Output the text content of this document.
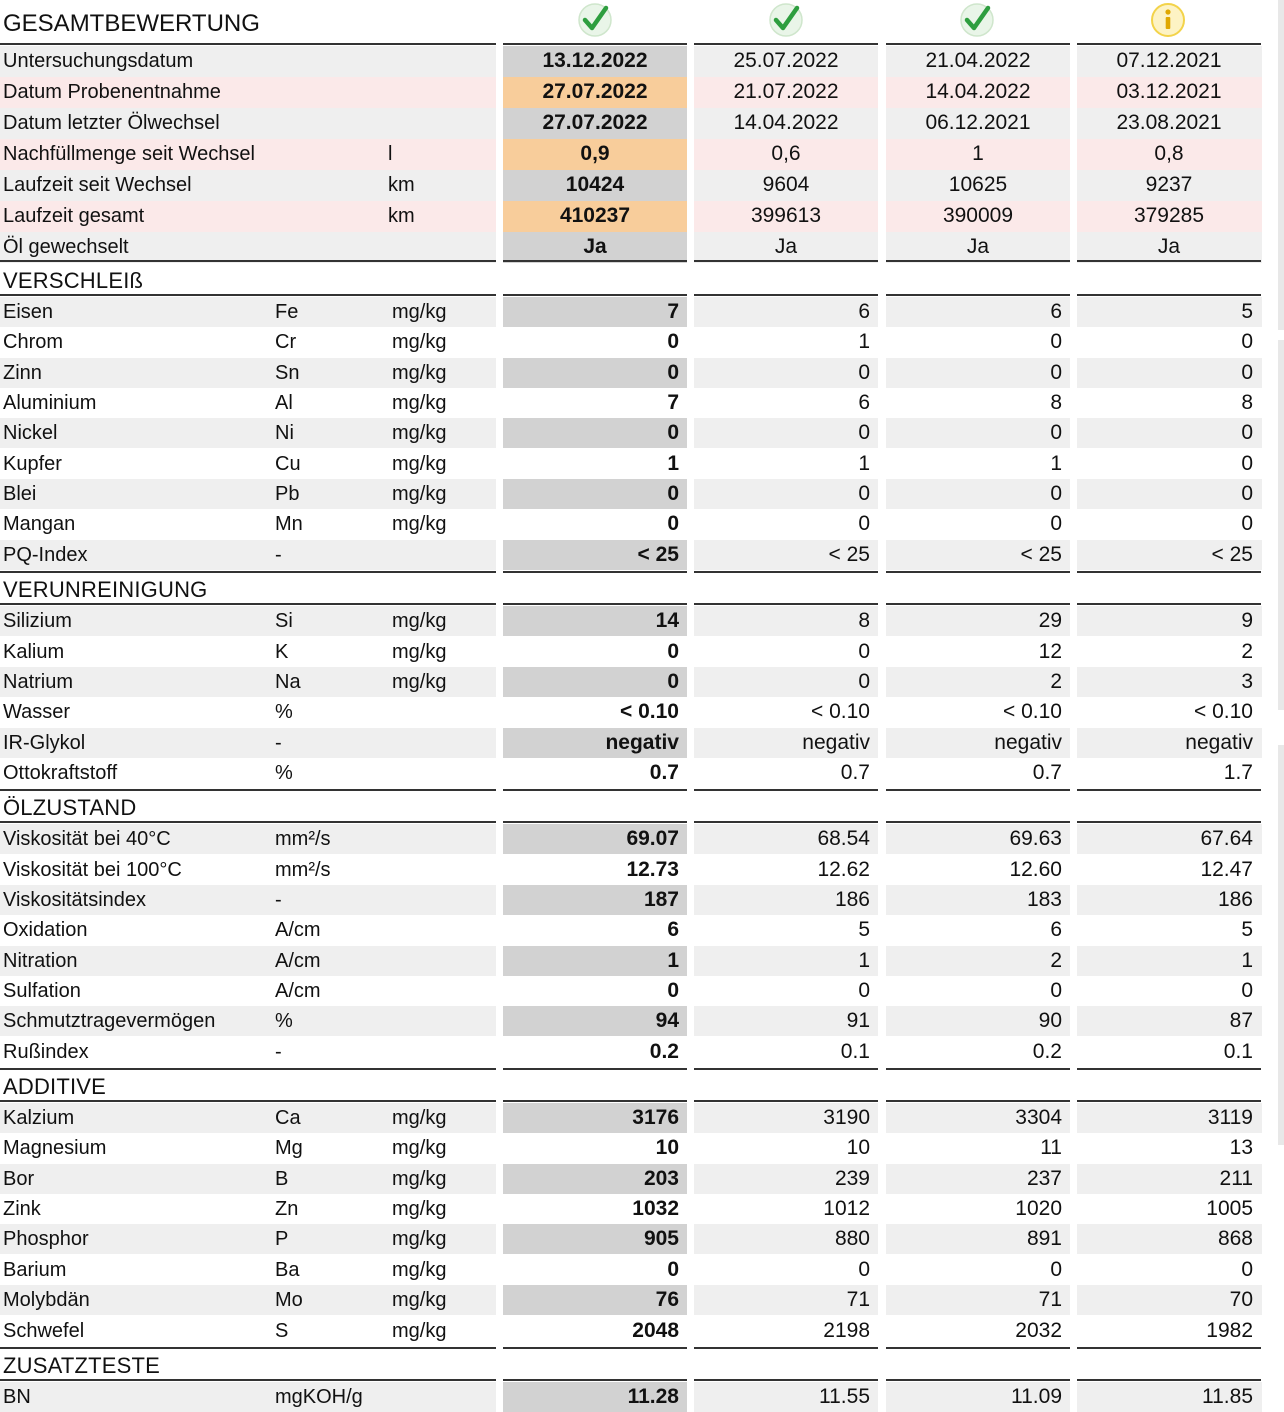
GESAMTBEWERTUNG
Untersuchungsdatum	13.12.2022	25.07.2022	21.04.2022	07.12.2021
Datum Probenentnahme	27.07.2022	21.07.2022	14.04.2022	03.12.2021
Datum letzter Ölwechsel	27.07.2022	14.04.2022	06.12.2021	23.08.2021
Nachfüllmenge seit Wechsel	l	0,9	0,6	1	0,8
Laufzeit seit Wechsel	km	10424	9604	10625	9237
Laufzeit gesamt	km	410237	399613	390009	379285
Öl gewechselt	Ja	Ja	Ja	Ja
VERSCHLEIß
Eisen	Fe	mg/kg	7	6	6	5
Chrom	Cr	mg/kg	0	1	0	0
Zinn	Sn	mg/kg	0	0	0	0
Aluminium	Al	mg/kg	7	6	8	8
Nickel	Ni	mg/kg	0	0	0	0
Kupfer	Cu	mg/kg	1	1	1	0
Blei	Pb	mg/kg	0	0	0	0
Mangan	Mn	mg/kg	0	0	0	0
PQ-Index	-	< 25	< 25	< 25	< 25
VERUNREINIGUNG
Silizium	Si	mg/kg	14	8	29	9
Kalium	K	mg/kg	0	0	12	2
Natrium	Na	mg/kg	0	0	2	3
Wasser	%	< 0.10	< 0.10	< 0.10	< 0.10
IR-Glykol	-	negativ	negativ	negativ	negativ
Ottokraftstoff	%	0.7	0.7	0.7	1.7
ÖLZUSTAND
Viskosität bei 40°C	mm²/s	69.07	68.54	69.63	67.64
Viskosität bei 100°C	mm²/s	12.73	12.62	12.60	12.47
Viskositätsindex	-	187	186	183	186
Oxidation	A/cm	6	5	6	5
Nitration	A/cm	1	1	2	1
Sulfation	A/cm	0	0	0	0
Schmutztragevermögen	%	94	91	90	87
Rußindex	-	0.2	0.1	0.2	0.1
ADDITIVE
Kalzium	Ca	mg/kg	3176	3190	3304	3119
Magnesium	Mg	mg/kg	10	10	11	13
Bor	B	mg/kg	203	239	237	211
Zink	Zn	mg/kg	1032	1012	1020	1005
Phosphor	P	mg/kg	905	880	891	868
Barium	Ba	mg/kg	0	0	0	0
Molybdän	Mo	mg/kg	76	71	71	70
Schwefel	S	mg/kg	2048	2198	2032	1982
ZUSATZTESTE
BN	mgKOH/g	11.28	11.55	11.09	11.85
